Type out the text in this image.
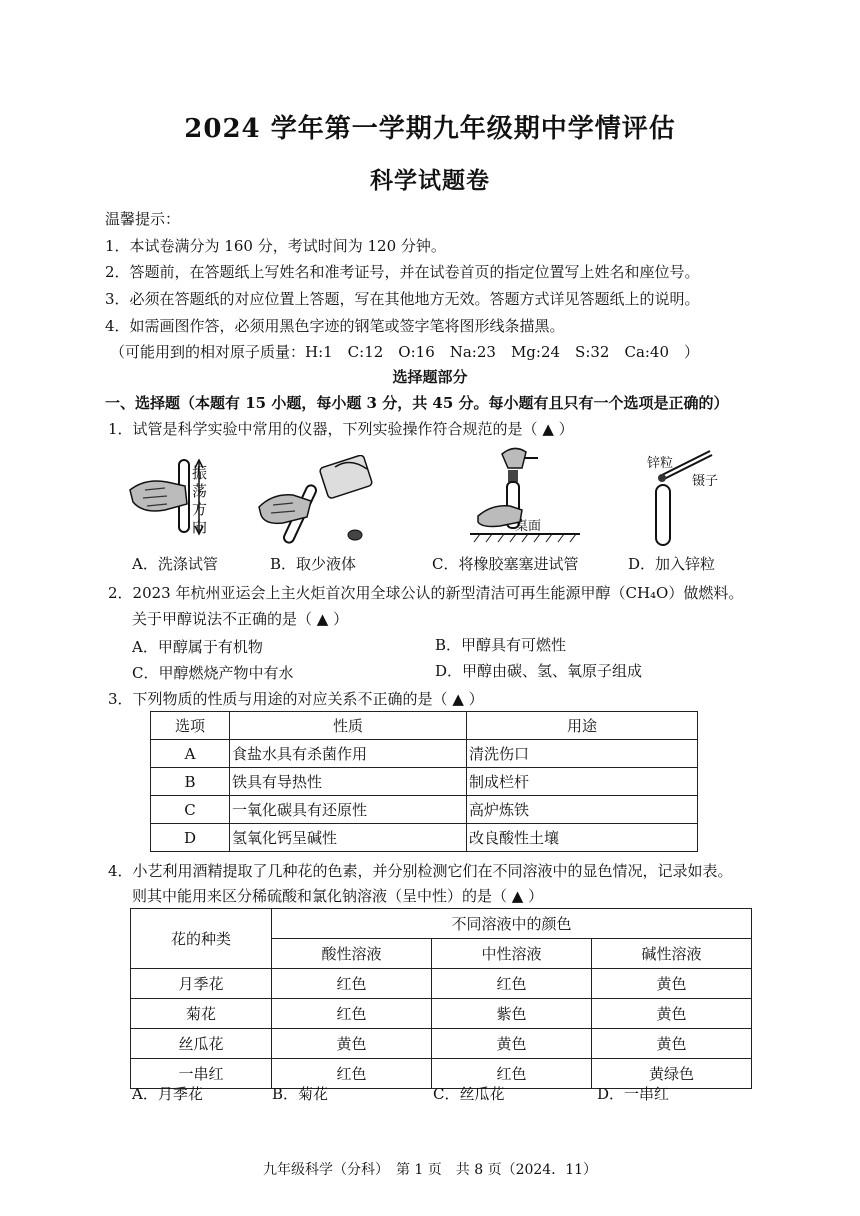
2024 学年第一学期九年级期中学情评估
科学试题卷
温馨提示：
1．本试卷满分为 160 分，考试时间为 120 分钟。
2．答题前，在答题纸上写姓名和准考证号，并在试卷首页的指定位置写上姓名和座位号。
3．必须在答题纸的对应位置上答题，写在其他地方无效。答题方式详见答题纸上的说明。
4．如需画图作答，必须用黑色字迹的钢笔或签字笔将图形线条描黑。
（可能用到的相对原子质量：H:1　C:12　O:16　Na:23　Mg:24　S:32　Ca:40　）
选择题部分
一、选择题（本题有 15 小题，每小题 3 分，共 45 分。每小题有且只有一个选项是正确的）
1．试管是科学实验中常用的仪器，下列实验操作符合规范的是（ ▲ ）
振
荡
方
向	桌面
锌粒
镊子
A．洗涤试管	B．取少液体	C．将橡胶塞塞进试管	D．加入锌粒
2．2023 年杭州亚运会上主火炬首次用全球公认的新型清洁可再生能源甲醇（CH₄O）做燃料。
关于甲醇说法不正确的是（ ▲ ）
A．甲醇属于有机物	B．甲醇具有可燃性
C．甲醇燃烧产物中有水	D．甲醇由碳、氢、氧原子组成
3．下列物质的性质与用途的对应关系不正确的是（ ▲ ）
选项	性质	用途
A	食盐水具有杀菌作用	清洗伤口
B	铁具有导热性	制成栏杆
C	一氧化碳具有还原性	高炉炼铁
D	氢氧化钙呈碱性	改良酸性土壤
4．小艺利用酒精提取了几种花的色素，并分别检测它们在不同溶液中的显色情况，记录如表。
则其中能用来区分稀硫酸和氯化钠溶液（呈中性）的是（ ▲ ）
花的种类	不同溶液中的颜色		
	酸性溶液	中性溶液	碱性溶液
月季花	红色	红色	黄色
菊花	红色	紫色	黄色
丝瓜花	黄色	黄色	黄色
一串红	红色	红色	黄绿色
A．月季花	B．菊花	C．丝瓜花	D．一串红
九年级科学（分科）　第 1 页　共 8 页（2024．11）
